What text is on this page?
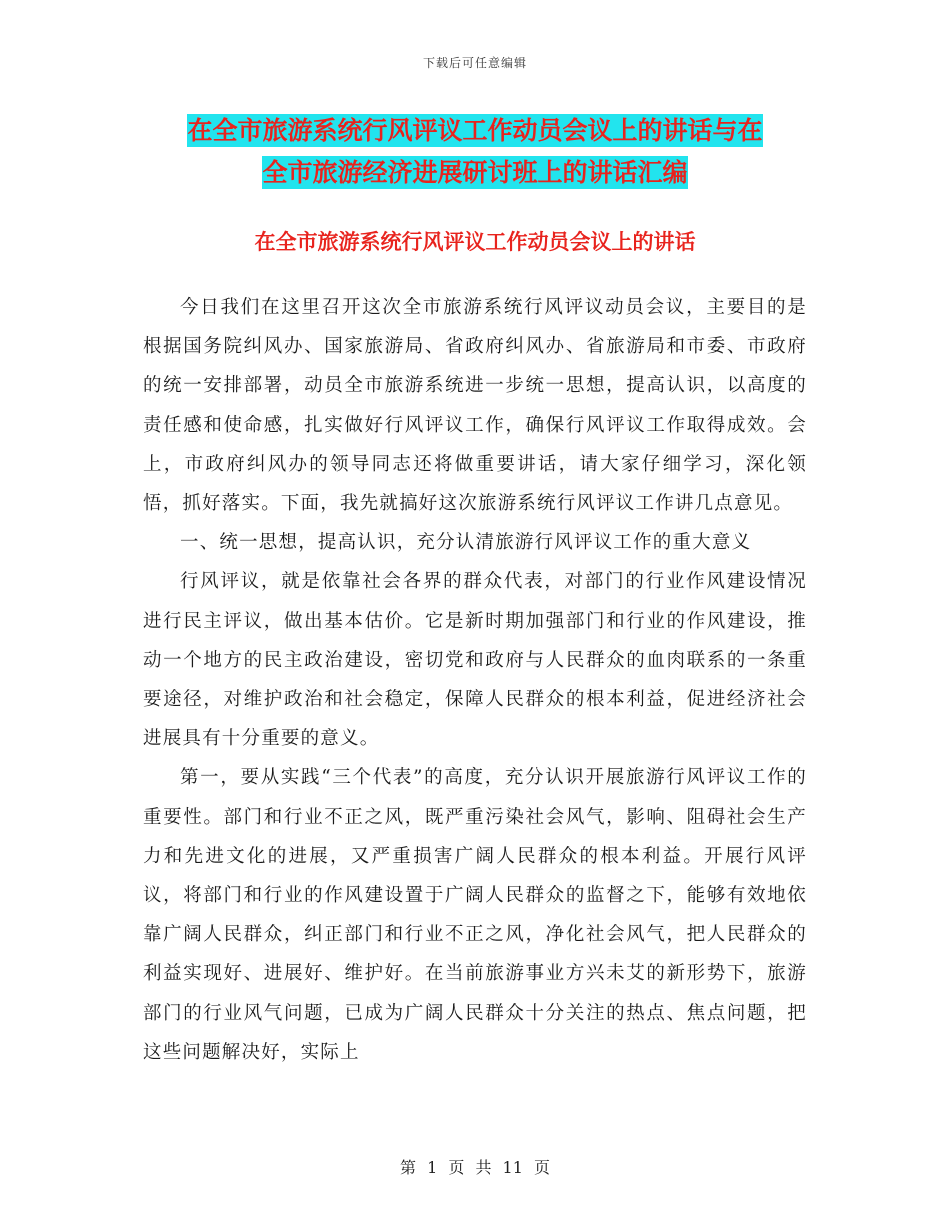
下载后可任意编辑
在全市旅游系统行风评议工作动员会议上的讲话与在
全市旅游经济进展研讨班上的讲话汇编
在全市旅游系统行风评议工作动员会议上的讲话

今日我们在这里召开这次全市旅游系统行风评议动员会议，主要目的是根据国务院纠风办、国家旅游局、省政府纠风办、省旅游局和市委、市政府的统一安排部署，动员全市旅游系统进一步统一思想，提高认识，以高度的责任感和使命感，扎实做好行风评议工作，确保行风评议工作取得成效。会上，市政府纠风办的领导同志还将做重要讲话，请大家仔细学习，深化领悟，抓好落实。下面，我先就搞好这次旅游系统行风评议工作讲几点意见。

一、统一思想，提高认识，充分认清旅游行风评议工作的重大意义

行风评议，就是依靠社会各界的群众代表，对部门的行业作风建设情况进行民主评议，做出基本估价。它是新时期加强部门和行业的作风建设，推动一个地方的民主政治建设，密切党和政府与人民群众的血肉联系的一条重要途径，对维护政治和社会稳定，保障人民群众的根本利益，促进经济社会进展具有十分重要的意义。

第一，要从实践“三个代表”的高度，充分认识开展旅游行风评议工作的重要性。部门和行业不正之风，既严重污染社会风气，影响、阻碍社会生产力和先进文化的进展，又严重损害广阔人民群众的根本利益。开展行风评议，将部门和行业的作风建设置于广阔人民群众的监督之下，能够有效地依靠广阔人民群众，纠正部门和行业不正之风，净化社会风气，把人民群众的利益实现好、进展好、维护好。在当前旅游事业方兴未艾的新形势下，旅游部门的行业风气问题，已成为广阔人民群众十分关注的热点、焦点问题，把这些问题解决好，实际上

第 1 页 共 11 页
